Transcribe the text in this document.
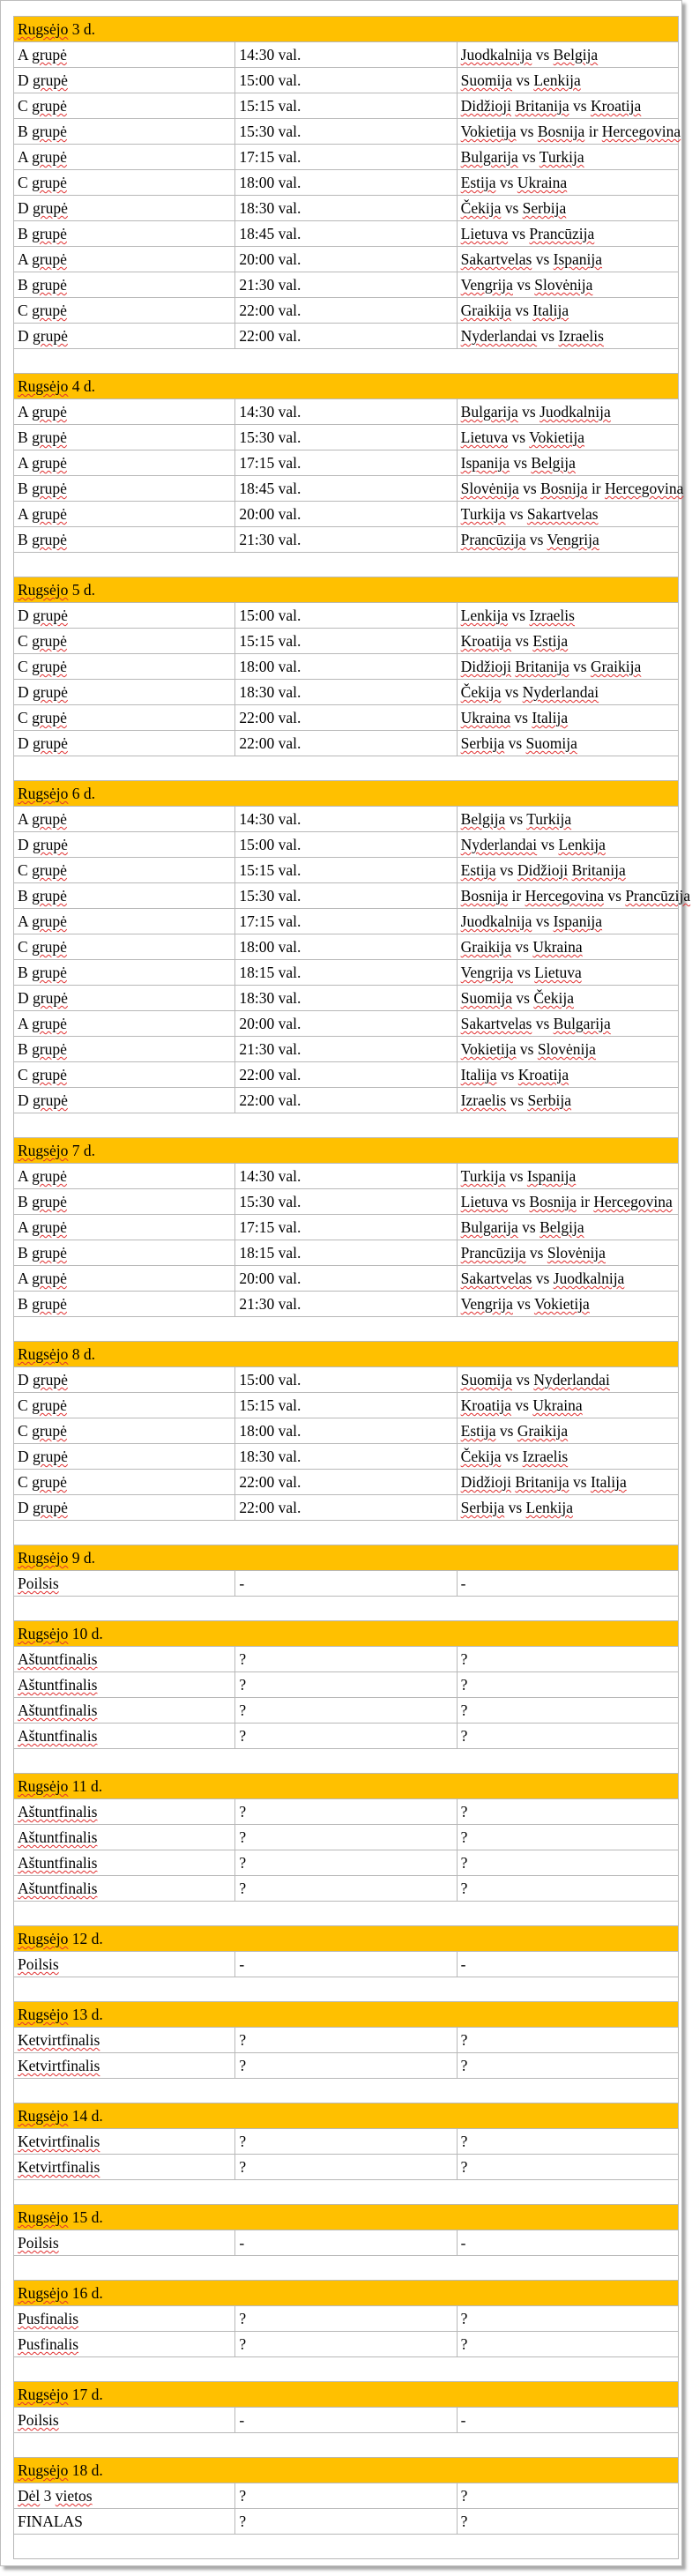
Rugsėjo 3 d.		
A grupė	14:30 val.	Juodkalnija vs Belgija
D grupė	15:00 val.	Suomija vs Lenkija
C grupė	15:15 val.	Didžioji Britanija vs Kroatija
B grupė	15:30 val.	Vokietija vs Bosnija ir Hercegovina
A grupė	17:15 val.	Bulgarija vs Turkija
C grupė	18:00 val.	Estija vs Ukraina
D grupė	18:30 val.	Čekija vs Serbija
B grupė	18:45 val.	Lietuva vs Prancūzija
A grupė	20:00 val.	Sakartvelas vs Ispanija
B grupė	21:30 val.	Vengrija vs Slovėnija
C grupė	22:00 val.	Graikija vs Italija
D grupė	22:00 val.	Nyderlandai vs Izraelis

Rugsėjo 4 d.		
A grupė	14:30 val.	Bulgarija vs Juodkalnija
B grupė	15:30 val.	Lietuva vs Vokietija
A grupė	17:15 val.	Ispanija vs Belgija
B grupė	18:45 val.	Slovėnija vs Bosnija ir Hercegovina
A grupė	20:00 val.	Turkija vs Sakartvelas
B grupė	21:30 val.	Prancūzija vs Vengrija

Rugsėjo 5 d.		
D grupė	15:00 val.	Lenkija vs Izraelis
C grupė	15:15 val.	Kroatija vs Estija
C grupė	18:00 val.	Didžioji Britanija vs Graikija
D grupė	18:30 val.	Čekija vs Nyderlandai
C grupė	22:00 val.	Ukraina vs Italija
D grupė	22:00 val.	Serbija vs Suomija

Rugsėjo 6 d.		
A grupė	14:30 val.	Belgija vs Turkija
D grupė	15:00 val.	Nyderlandai vs Lenkija
C grupė	15:15 val.	Estija vs Didžioji Britanija
B grupė	15:30 val.	Bosnija ir Hercegovina vs Prancūzija
A grupė	17:15 val.	Juodkalnija vs Ispanija
C grupė	18:00 val.	Graikija vs Ukraina
B grupė	18:15 val.	Vengrija vs Lietuva
D grupė	18:30 val.	Suomija vs Čekija
A grupė	20:00 val.	Sakartvelas vs Bulgarija
B grupė	21:30 val.	Vokietija vs Slovėnija
C grupė	22:00 val.	Italija vs Kroatija
D grupė	22:00 val.	Izraelis vs Serbija

Rugsėjo 7 d.		
A grupė	14:30 val.	Turkija vs Ispanija
B grupė	15:30 val.	Lietuva vs Bosnija ir Hercegovina
A grupė	17:15 val.	Bulgarija vs Belgija
B grupė	18:15 val.	Prancūzija vs Slovėnija
A grupė	20:00 val.	Sakartvelas vs Juodkalnija
B grupė	21:30 val.	Vengrija vs Vokietija

Rugsėjo 8 d.		
D grupė	15:00 val.	Suomija vs Nyderlandai
C grupė	15:15 val.	Kroatija vs Ukraina
C grupė	18:00 val.	Estija vs Graikija
D grupė	18:30 val.	Čekija vs Izraelis
C grupė	22:00 val.	Didžioji Britanija vs Italija
D grupė	22:00 val.	Serbija vs Lenkija

Rugsėjo 9 d.		
Poilsis	-	-

Rugsėjo 10 d.		
Aštuntfinalis	?	?
Aštuntfinalis	?	?
Aštuntfinalis	?	?
Aštuntfinalis	?	?

Rugsėjo 11 d.		
Aštuntfinalis	?	?
Aštuntfinalis	?	?
Aštuntfinalis	?	?
Aštuntfinalis	?	?

Rugsėjo 12 d.		
Poilsis	-	-

Rugsėjo 13 d.		
Ketvirtfinalis	?	?
Ketvirtfinalis	?	?

Rugsėjo 14 d.		
Ketvirtfinalis	?	?
Ketvirtfinalis	?	?

Rugsėjo 15 d.		
Poilsis	-	-

Rugsėjo 16 d.		
Pusfinalis	?	?
Pusfinalis	?	?

Rugsėjo 17 d.		
Poilsis	-	-

Rugsėjo 18 d.		
Dėl 3 vietos	?	?
FINALAS	?	?
